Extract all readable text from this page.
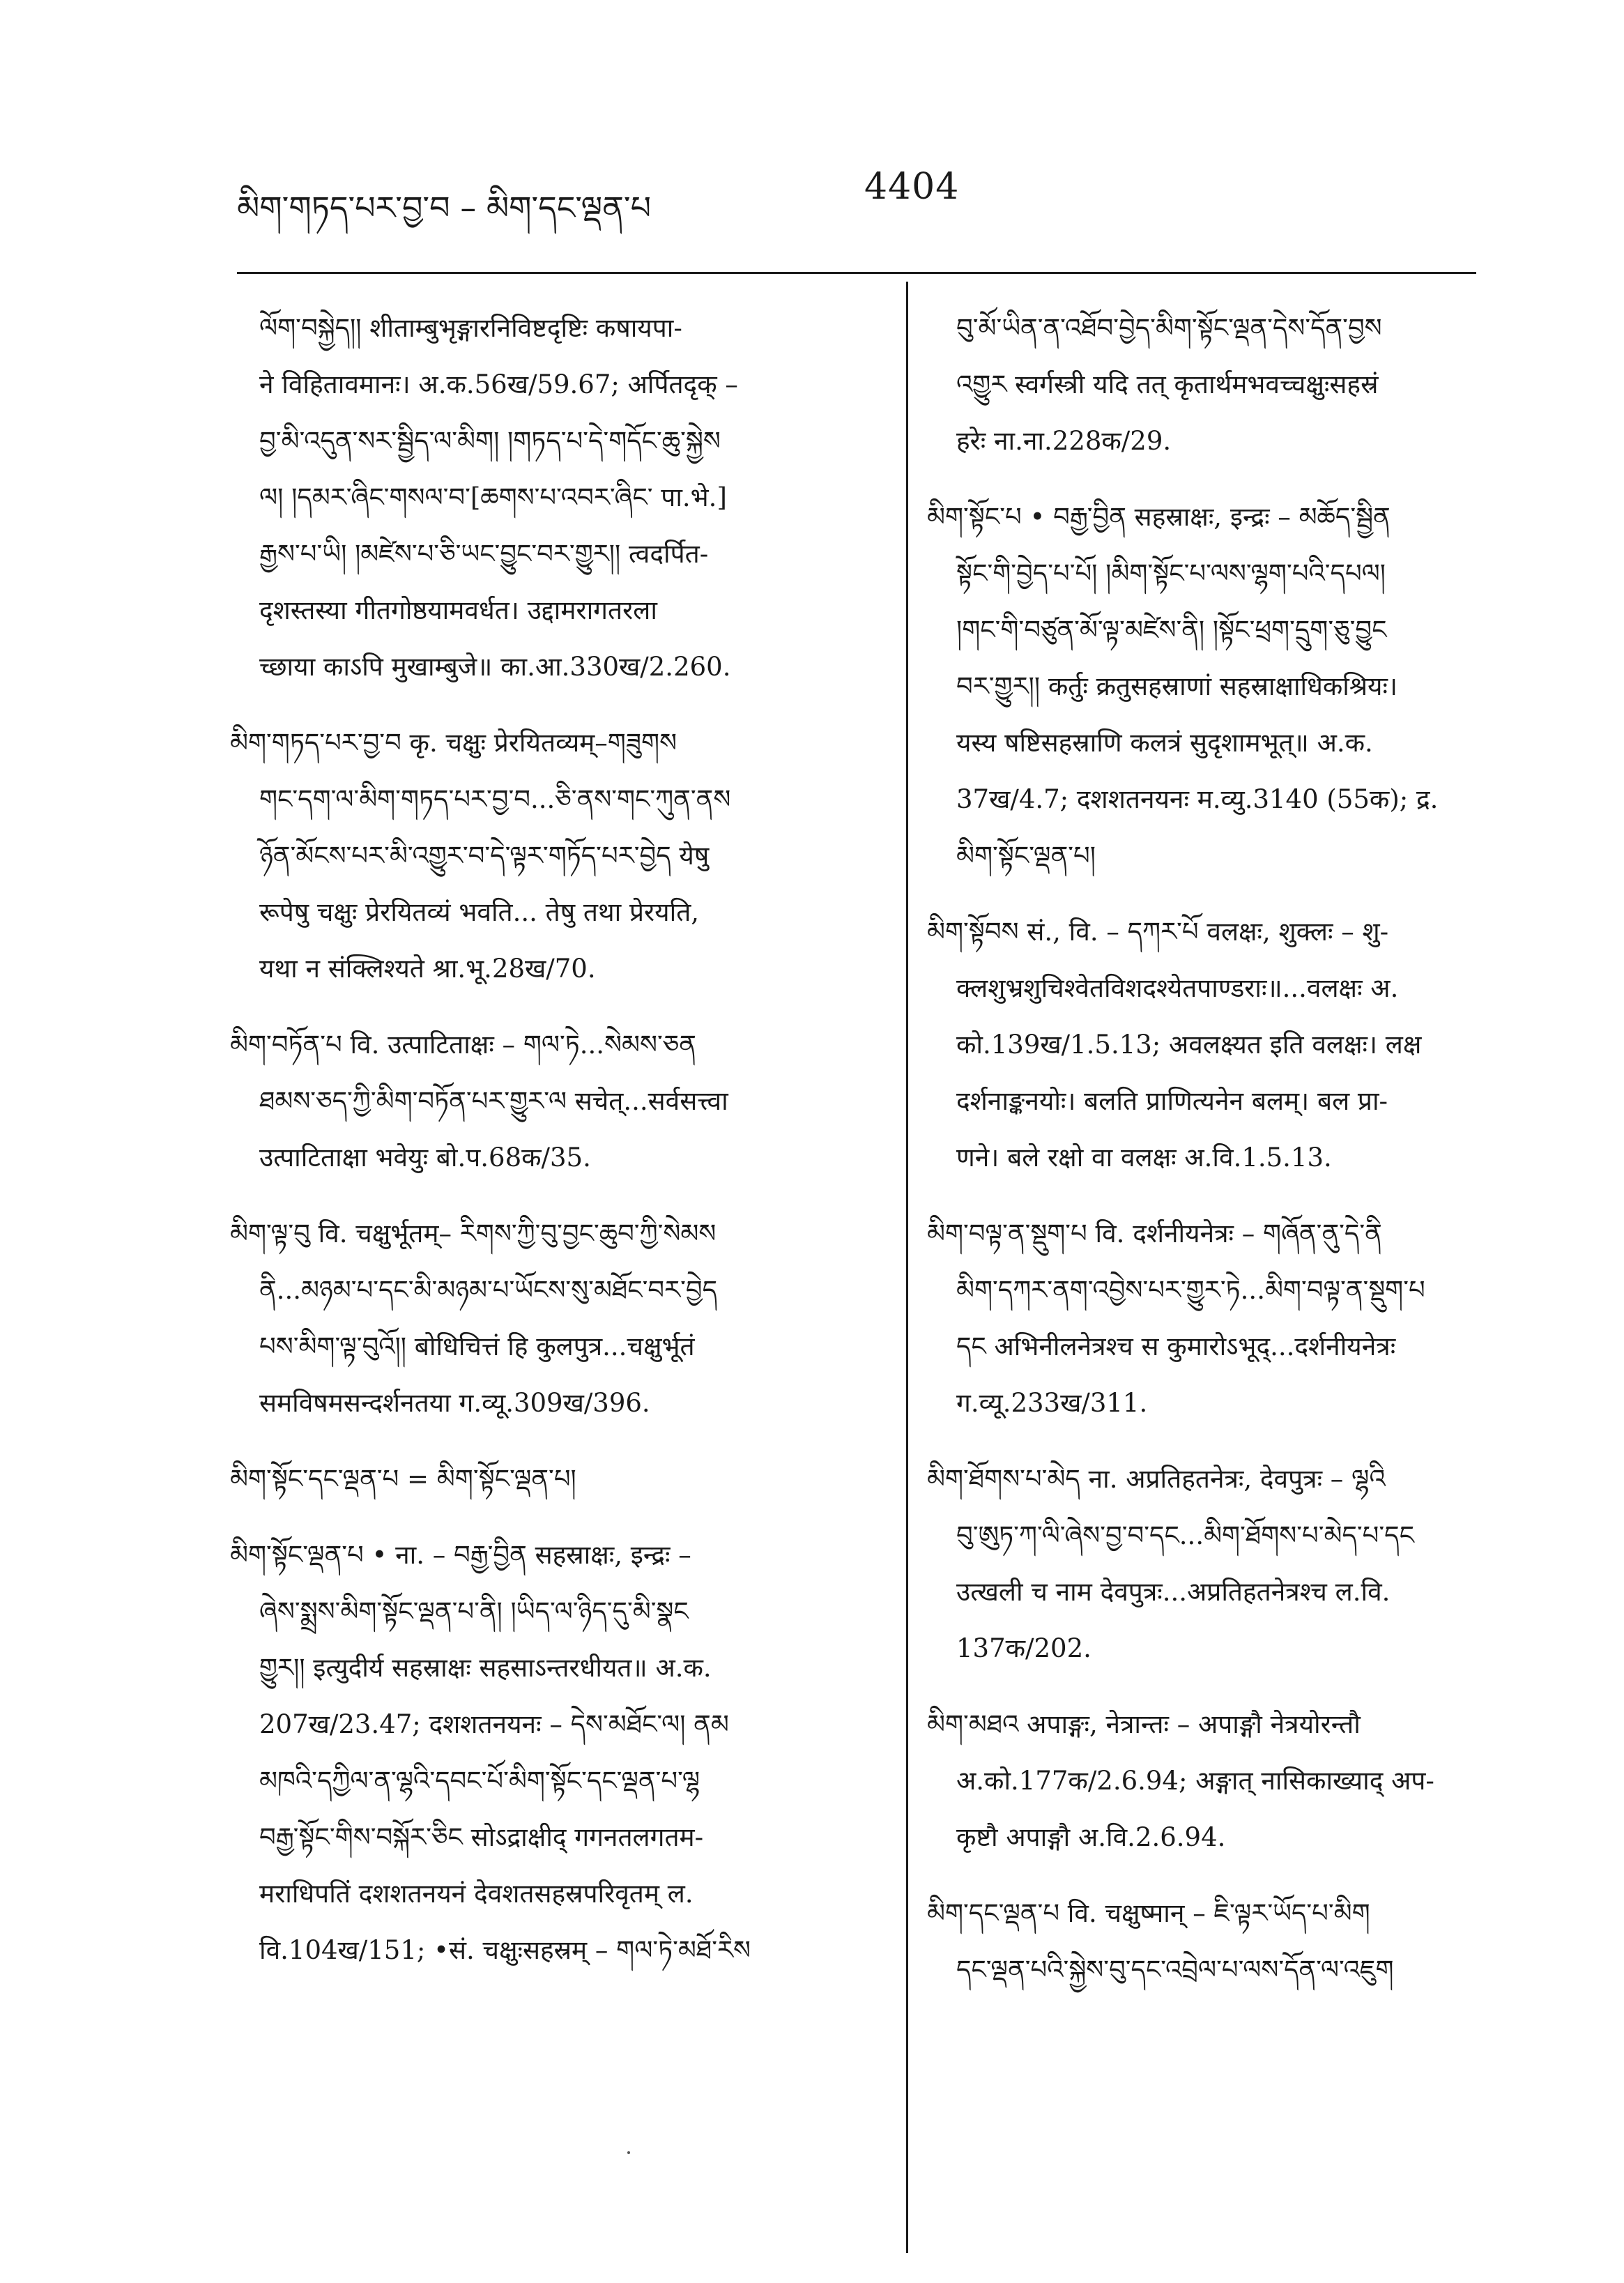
མིག་གཏད་པར་བྱ་བ – མིག་དང་ལྡན་པ	4404
ལོག་བསྐྱེད།། शीताम्बुभृङ्गारनिविष्टदृष्टिः कषायपा-
ने विहितावमानः। अ.क.56ख/59.67; अर्पितदृक् –
བྱ་མི་འདུན་སར་སྦྱིད་ལ་མིག། །གཏད་པ་དེ་གདོང་ཆུ་སྐྱེས
ལ། །དམར་ཞིང་གསལ་བ་[ཆགས་པ་འབར་ཞིང་ पा.भे.]
རྒྱས་པ་ཡི། །མཛེས་པ་ཅི་ཡང་བྱུང་བར་གྱུར།། त्वदर्पित-
दृशस्तस्या गीतगोष्ठयामवर्धत। उद्दामरागतरला
च्छाया काऽपि मुखाम्बुजे॥ का.आ.330ख/2.260.
མིག་གཏད་པར་བྱ་བ कृ. चक्षुः प्रेरयितव्यम्–གཟུགས
གང་དག་ལ་མིག་གཏད་པར་བྱ་བ...ཅི་ནས་གང་ཀུན་ནས
ཉོན་མོངས་པར་མི་འགྱུར་བ་དེ་ལྟར་གཏོད་པར་བྱེད येषु
रूपेषु चक्षुः प्रेरयितव्यं भवति... तेषु तथा प्रेरयति,
यथा न संक्लिश्यते श्रा.भू.28ख/70.
མིག་བཏོན་པ वि. उत्पाटिताक्षः – གལ་ཏེ...སེམས་ཅན
ཐམས་ཅད་ཀྱི་མིག་བཏོན་པར་གྱུར་ལ सचेत्...सर्वसत्त्वा
उत्पाटिताक्षा भवेयुः बो.प.68क/35.
མིག་ལྟ་བུ वि. चक्षुर्भूतम्– རིགས་ཀྱི་བུ་བྱང་ཆུབ་ཀྱི་སེམས
ནི...མཉམ་པ་དང་མི་མཉམ་པ་ཡོངས་སུ་མཐོང་བར་བྱེད
པས་མིག་ལྟ་བུའོ།། बोधिचित्तं हि कुलपुत्र...चक्षुर्भूतं
समविषमसन्दर्शनतया ग.व्यू.309ख/396.
མིག་སྟོང་དང་ལྡན་པ = མིག་སྟོང་ལྡན་པ།
མིག་སྟོང་ལྡན་པ • ना. – བརྒྱ་བྱིན सहस्राक्षः, इन्द्रः –
ཞེས་སྨྲས་མིག་སྟོང་ལྡན་པ་ནི། །ཡིད་ལ་ཉིད་དུ་མི་སྣང
གྱུར།། इत्युदीर्य सहस्राक्षः सहसाऽन्तरधीयत॥ अ.क.
207ख/23.47; दशशतनयनः – དེས་མཐོང་ལ། ནམ
མཁའི་དཀྱིལ་ན་ལྷའི་དབང་པོ་མིག་སྟོང་དང་ལྡན་པ་ལྷ
བརྒྱ་སྟོང་གིས་བསྐོར་ཅིང सोऽद्राक्षीद् गगनतलगतम-
मराधिपतिं दशशतनयनं देवशतसहस्रपरिवृतम् ल.
वि.104ख/151; •सं. चक्षुःसहस्रम् – གལ་ཏེ་མཐོ་རིས
བུ་མོ་ཡིན་ན་འཐོབ་བྱེད་མིག་སྟོང་ལྡན་དེས་དོན་བྱས
འགྱུར स्वर्गस्त्री यदि तत् कृतार्थमभवच्चक्षुःसहस्रं
हरेः ना.ना.228क/29.
མིག་སྟོང་པ • བརྒྱ་བྱིན सहस्राक्षः, इन्द्रः – མཆོད་སྦྱིན
སྟོང་གི་བྱེད་པ་པོ། །མིག་སྟོང་པ་ལས་ལྷག་པའི་དཔལ།
།གང་གི་བཙུན་མོ་ལྟ་མཛེས་ནི། །སྟོང་ཕྲག་དྲུག་ཅུ་བྱུང
བར་གྱུར།། कर्तुः क्रतुसहस्राणां सहस्राक्षाधिकश्रियः।
यस्य षष्टिसहस्राणि कलत्रं सुदृशामभूत्॥ अ.क.
37ख/4.7; दशशतनयनः म.व्यु.3140 (55क); द्र.
མིག་སྟོང་ལྡན་པ།
མིག་སྟོབས सं., वि. – དཀར་པོ वलक्षः, शुक्लः – शु-
क्लशुभ्रशुचिश्वेतविशदश्येतपाण्डराः॥...वलक्षः अ.
को.139ख/1.5.13; अवलक्ष्यत इति वलक्षः। लक्ष
दर्शनाङ्कनयोः। बलति प्राणित्यनेन बलम्। बल प्रा-
णने। बले रक्षो वा वलक्षः अ.वि.1.5.13.
མིག་བལྟ་ན་སྡུག་པ वि. दर्शनीयनेत्रः – གཞོན་ནུ་དེ་ནི
མིག་དཀར་ནག་འབྱེས་པར་གྱུར་ཏེ...མིག་བལྟ་ན་སྡུག་པ
དང अभिनीलनेत्रश्च स कुमारोऽभूद्...दर्शनीयनेत्रः
ग.व्यू.233ख/311.
མིག་ཐོགས་པ་མེད ना. अप्रतिहतनेत्रः, देवपुत्रः – ལྷའི
བུ་ཨུཏ་ཀ་ལི་ཞེས་བྱ་བ་དང...མིག་ཐོགས་པ་མེད་པ་དང
उत्खली च नाम देवपुत्रः...अप्रतिहतनेत्रश्च ल.वि.
137क/202.
མིག་མཐའ अपाङ्गः, नेत्रान्तः – अपाङ्गौ नेत्रयोरन्तौ
अ.को.177क/2.6.94; अङ्गात् नासिकाख्याद् अप-
कृष्टौ अपाङ्गौ अ.वि.2.6.94.
མིག་དང་ལྡན་པ वि. चक्षुष्मान् – ཇི་ལྟར་ཡོད་པ་མིག
དང་ལྡན་པའི་སྐྱེས་བུ་དང་འབྲེལ་པ་ལས་དོན་ལ་འཇུག
